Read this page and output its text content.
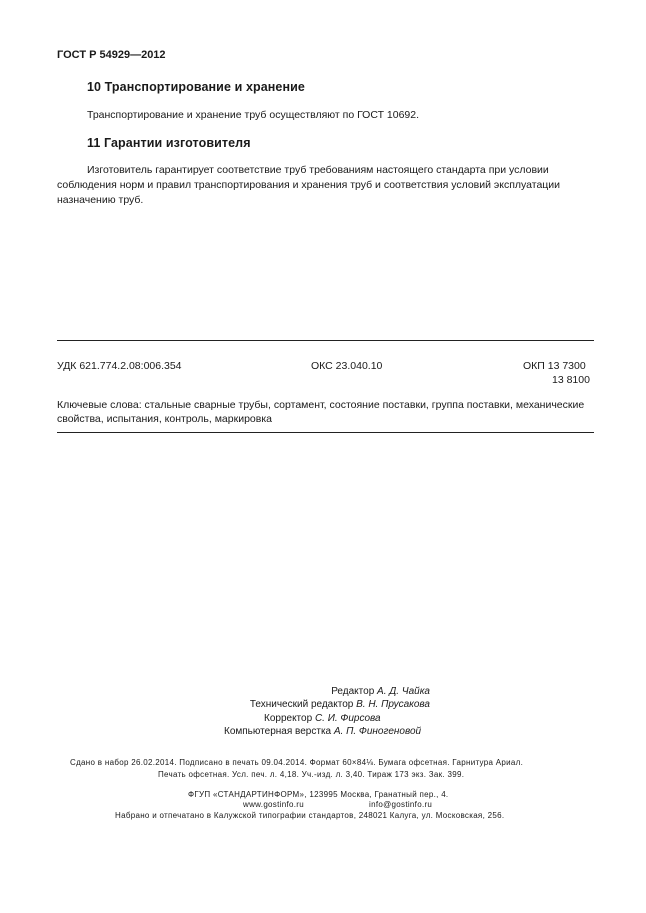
ГОСТ Р 54929—2012
10 Транспортирование и хранение
Транспортирование и хранение труб осуществляют по ГОСТ 10692.
11 Гарантии изготовителя
Изготовитель гарантирует соответствие труб требованиям настоящего стандарта при условии соблюдения норм и правил транспортирования и хранения труб и соответствия условий эксплуатации назначению труб.
УДК 621.774.2.08:006.354	ОКС 23.040.10	ОКП 13 7300
13 8100
Ключевые слова: стальные сварные трубы, сортамент, состояние поставки, группа поставки, механические свойства, испытания, контроль, маркировка
Редактор А. Д. Чайка
Технический редактор В. Н. Прусакова
Корректор С. И. Фирсова
Компьютерная верстка А. П. Финогеновой
Сдано в набор 26.02.2014. Подписано в печать 09.04.2014. Формат 60×84⅛. Бумага офсетная. Гарнитура Ариал.
Печать офсетная. Усл. печ. л. 4,18. Уч.-изд. л. 3,40. Тираж 173 экз. Зак. 399.
ФГУП «СТАНДАРТИНФОРМ», 123995 Москва, Гранатный пер., 4.
www.gostinfo.ru	info@gostinfo.ru
Набрано и отпечатано в Калужской типографии стандартов, 248021 Калуга, ул. Московская, 256.
